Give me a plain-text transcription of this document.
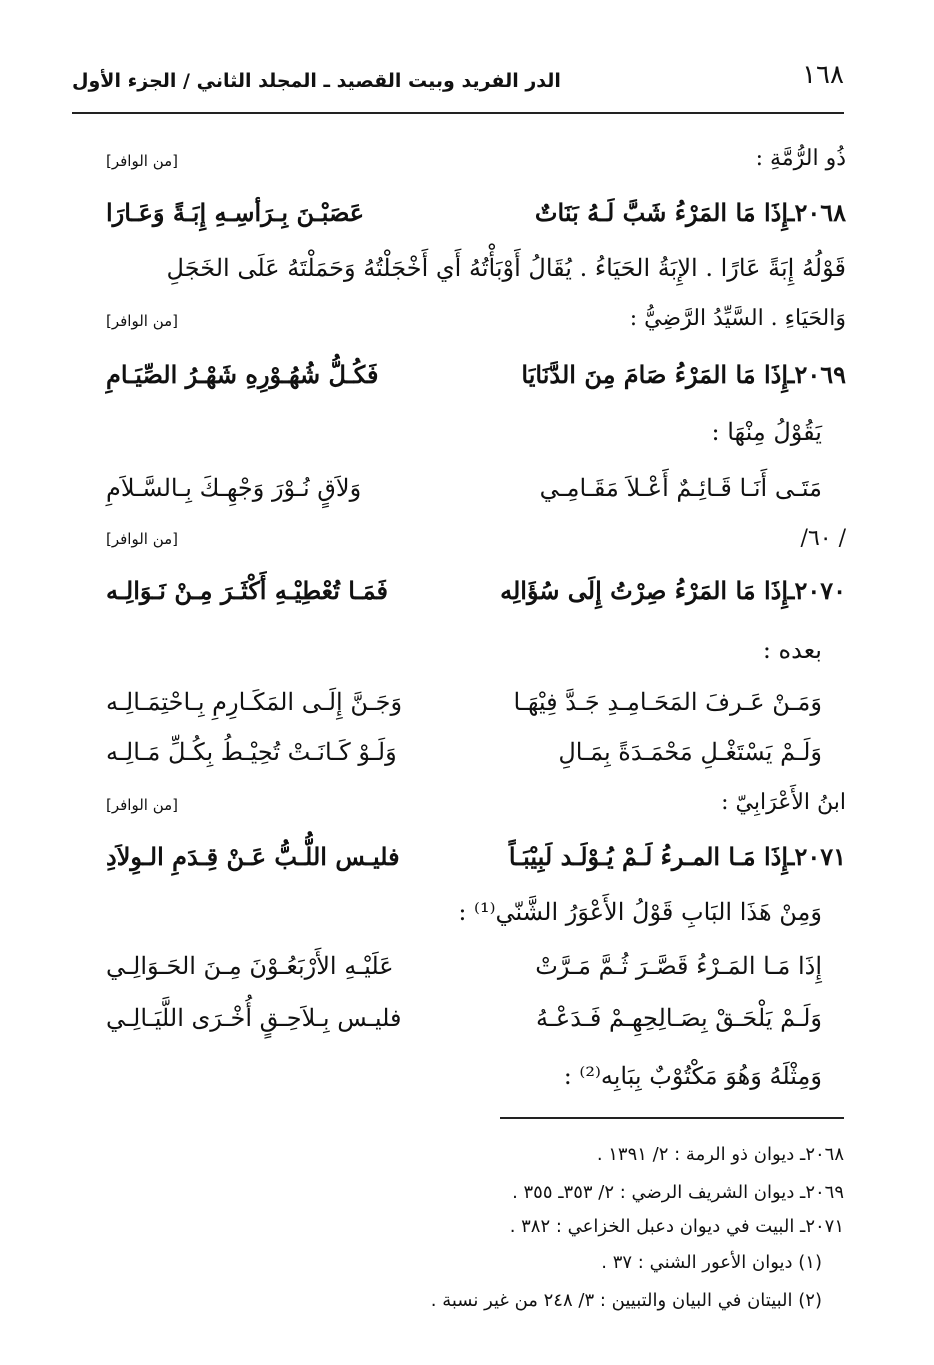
١٦٨
الدر الفريد وبيت القصيد ـ المجلد الثاني / الجزء الأول
ذُو الرُّمَّةِ :
[من الوافر]
٢٠٦٨ـ
إِذَا مَا المَرْءُ شَبَّ لَـهُ بَنَاتٌ
عَصَبْـنَ بِـرَأسِـهِ إِبَـةً وَعَـارَا
قَوْلُهُ إِبَةً عَارًا . الإِبَةُ الحَيَاءُ . يُقَالُ أَوْبَأْتُهُ أَي أَخْجَلْتُهُ وَحَمَلْتَهُ عَلَى الخَجَلِ
وَالحَيَاءِ . السَّيِّدُ الرَّضِيُّ :
[من الوافر]
٢٠٦٩ـ
إِذَا مَا المَرْءُ صَامَ مِنَ الدَّنَايَا
فَكُـلُّ شُهُـوْرِهِ شَهْـرُ الصِّيَـامِ
يَقُوْلُ مِنْهَا :
مَتَـى أَنَـا قَـائِـمٌ أَعْـلاَ مَقَـامِـي
وَلاَقٍ نُـوْرَ وَجْهِـكَ بِـالسَّـلاَمِ
/ ٦٠/
[من الوافر]
٢٠٧٠ـ
إِذَا مَا المَرْءُ صِرْتُ إِلَى سُؤَالِه
فَمَـا تُعْطِيْـهِ أَكْثَـرَ مِـنْ نَـوَالِـه
بعده :
وَمَـنْ عَـرفَ المَحَـامِـدِ جَـدَّ فِيْهَـا
وَجَـنَّ إِلَـى المَكَـارِمِ بِـاحْتِمَـالِـه
وَلَـمْ يَسْتَغْـلِ مَحْمَـدَةً بِمَـالِ
وَلَـوْ كَـانَـتْ تُحِيْـطُ بِكُـلِّ مَـالِـه
ابنُ الأَعْرَابِيّ :
[من الوافر]
٢٠٧١ـ
إِذَا مَـا المـرءُ لَـمْ يُـوْلَـد لَبِيْبَـاً
فليـس اللُّـبُّ عَـنْ قِـدَمِ الـوِلاَدِ
وَمِنْ هَذَا البَابِ قَوْلُ الأَعْوَرُ الشَّنّي⁽¹⁾ :
إِذَا مَـا المَـرْءُ قَصَّـرَ ثُـمَّ مَـرَّتْ
عَلَيْـهِ الأَرْبَعُـوْنَ مِـنَ الحَـوَالِـي
وَلَـمْ يَلْحَـقْ بِصَـالِحِهِـمْ فَـدَعْـهُ
فليـس بِـلاَحِـقٍ أُخْـرَى اللَّيَـالِـي
وَمِثْلَهُ وَهُوَ مَكْتُوْبٌ بِبَابِه⁽²⁾ :
٢٠٦٨ـ ديوان ذو الرمة : ٢/ ١٣٩١ .
٢٠٦٩ـ ديوان الشريف الرضي : ٢/ ٣٥٣ـ ٣٥٥ .
٢٠٧١ـ البيت في ديوان دعبل الخزاعي : ٣٨٢ .
(١) ديوان الأعور الشني : ٣٧ .
(٢) البيتان في البيان والتبيين : ٣/ ٢٤٨ من غير نسبة .
